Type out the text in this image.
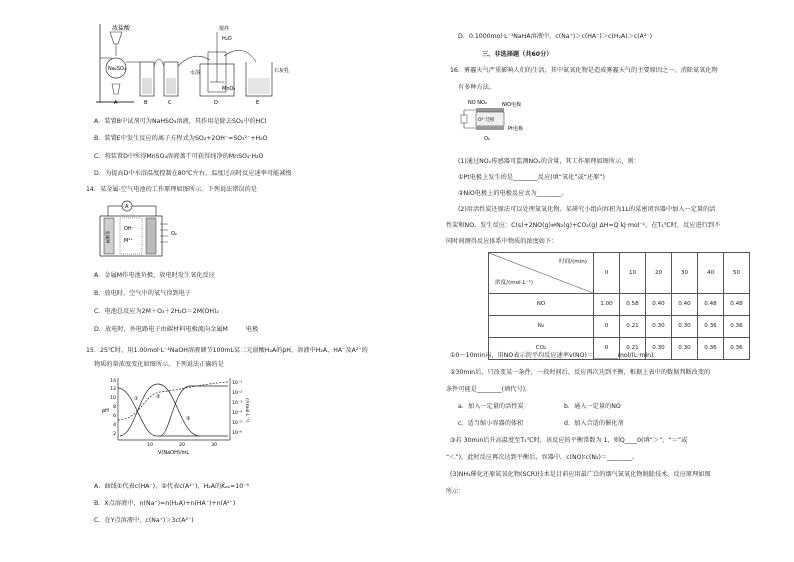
浓盐酸
Na₂SO₃
搅拌
H₂O
水浴
MnO₂
石灰乳
A	B	C	D	E
A．装置B中试剂可为NaHSO₃溶液，其作用是除去SO₂中的HCl
B．装置E中发生反应的离子方程式为SO₂+2OH⁻=SO₃²⁻+H₂O
C．将装置D中所得MnSO₄溶液蒸干可获得纯净的MnSO₄·H₂O
D．为提高D中水浴温度控制在80℃左右，温度过高时反应速率可能减慢
14．某金属-空气电池的工作原理如图所示。下列说法错误的是
A
金属M
OH⁻
M²⁺
O₂
A．金属M作电池负极，放电时发生氧化反应
B．放电时，空气中的氧气得到电子
C．电池总反应为2M＋O₂＋2H₂O＝2M(OH)₂
D．放电时，外电路电子由碳材料电极流向金属M	电极
15．25℃时，用1.00mol·L⁻¹NaOH溶液调节100mL某二元弱酸H₂A的pH，溶液中H₂A、HA⁻及A²⁻的
物质的量浓度变化如图所示。下列说法正确的是
14
12
10
8
6
4
2
10⁻¹
10⁻²
10⁻³
10⁻⁴
10⁻⁵
10⁻⁶
pH	c/(mol·L⁻¹)
10	20	30
V(NaOH)/mL
①	②
③
A．曲线①代表c(HA⁻)，②代表c(A²⁻)，H₂A的Kₐ₁=10⁻⁶
B．X点溶液中，n(Na⁺)=n(H₂A)+n(HA⁻)+n(A²⁻)
C．在Y点溶液中，c(Na⁺)＞3c(A²⁻)
D．0.1000mol·L⁻¹NaHA溶液中，c(Na⁺)＞c(HA⁻)＞c(H₂A)＞c(A²⁻)
三、非选择题（共60分）
16．雾霾天气严重影响人们的生活，其中氮氧化物是造成雾霾天气的主要原因之一。消除氮氧化物
有多种方法。
NO NO₂	NiO电极
O²⁻迁移
Pt电极
O₂
(1)通过NOₓ传感器可监测NOₓ的含量，其工作原理如图所示，则：
①Pt电极上发生的是________反应(填“氧化”或“还原”)
②NiO电极上的电极反应式为________。
(2)用活性炭还原法可以处理氮氧化物。某研究小组向容积为1L的某密闭容器中加入一定量的活
性炭和NO，发生反应：C(s)+2NO(g)⇌N₂(g)+CO₂(g) ΔH=Q kJ·mol⁻¹。在T₁℃时，反应进行到不
同时间测得反应体系中物质的浓度如下：
时间/(min)
浓度/(mol·L⁻¹)	0	10	20	30	40	50
NO	1.00	0.58	0.40	0.40	0.48	0.48
N₂	0	0.21	0.30	0.30	0.36	0.36
CO₂	0	0.21	0.30	0.30	0.36	0.36
①0～10min内，用NO表示的平均反应速率v(NO)＝________mol/(L·min)。
②30min后，只改变某一条件，一段时间后，反应再次达到平衡，根据上表中的数据判断改变的
条件可能是________(填代号)。
a．加入一定量的活性炭	b．通入一定量的NO
c．适当缩小容器的体积	d．加入合适的催化剂
③若 30min后升高温度至T₂℃时，该反应的平衡常数为 1，则Q____0(填“＞”、“＝”或
“＜”)，此时反应再次达到平衡后，容器中，c(NO)∶c(N₂)＝________。
(3)NH₃催化还原氮氧化物(SCR)技术是目前应用最广泛的烟气氮氧化物脱除技术。反应原理如图
所示：
